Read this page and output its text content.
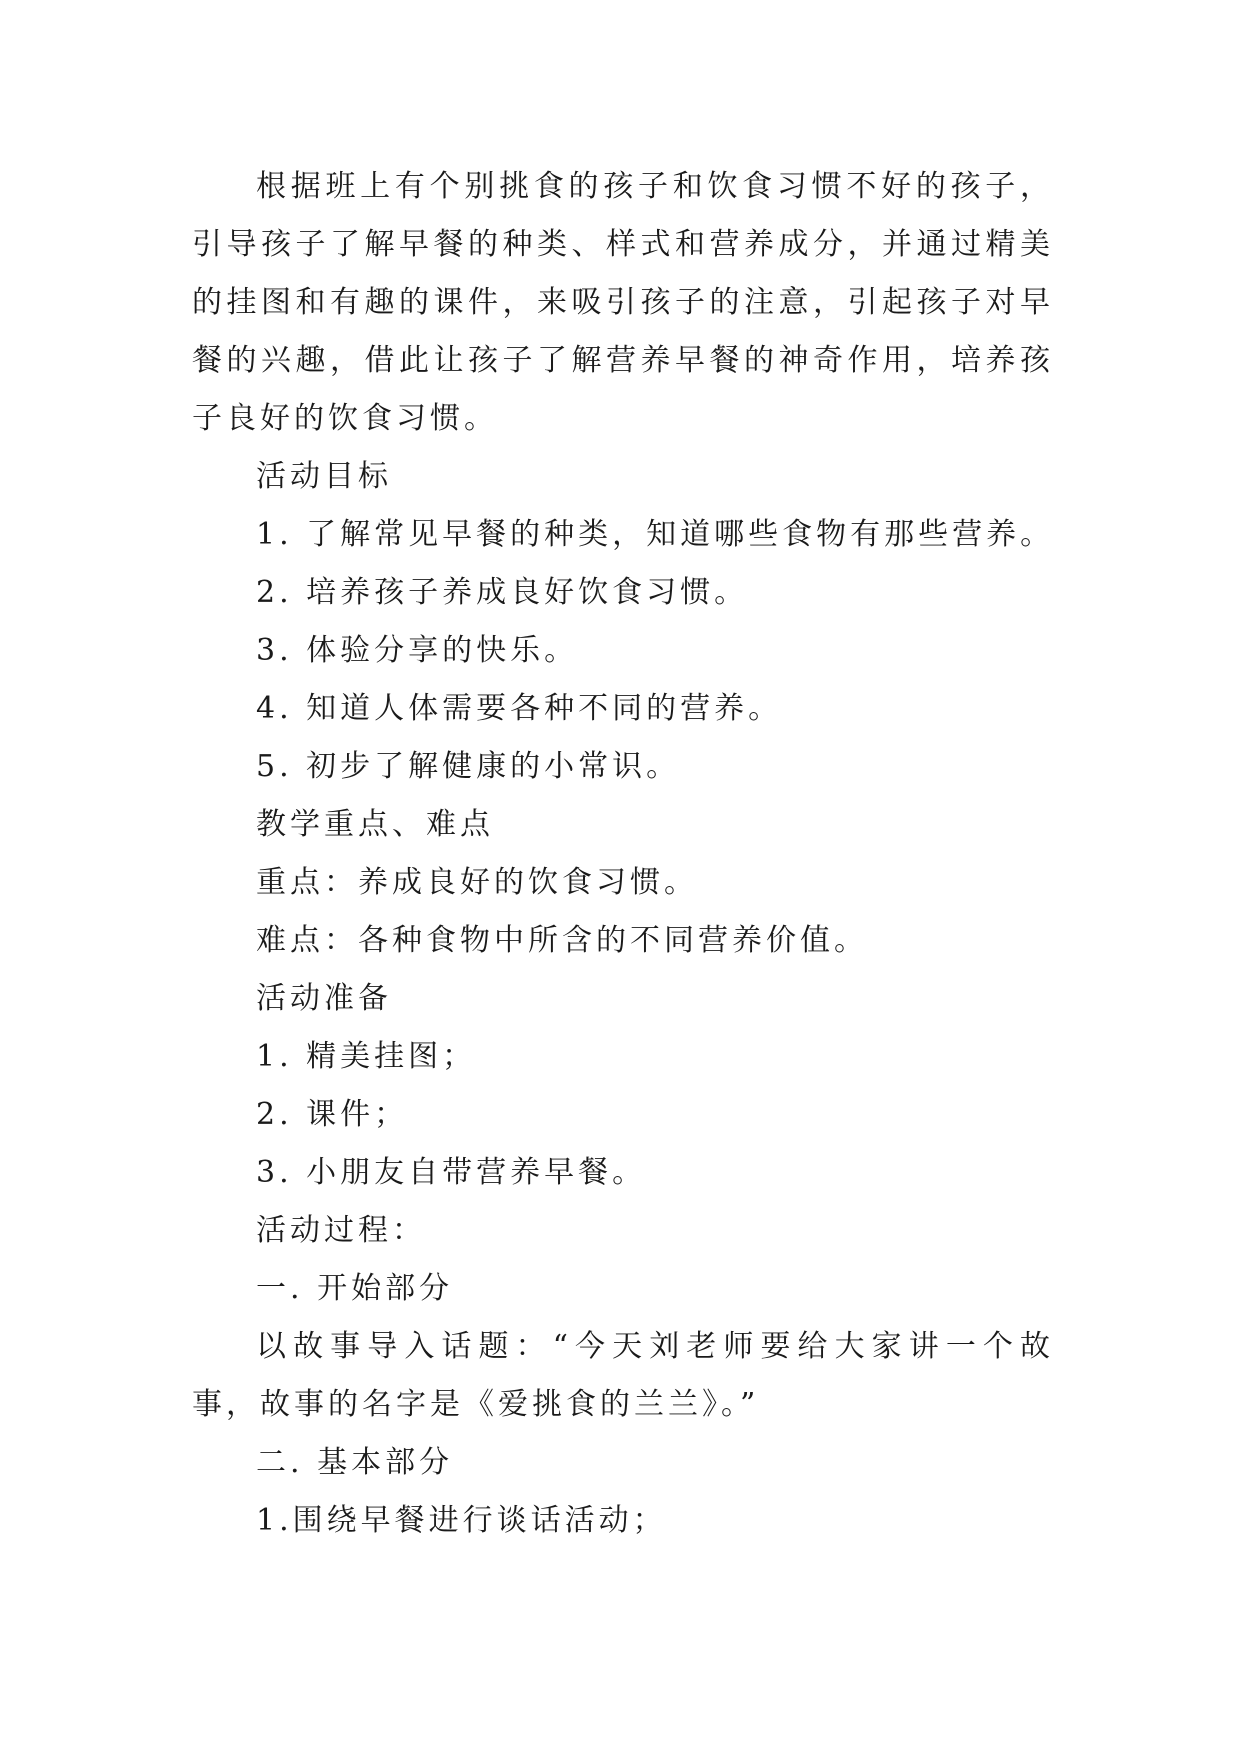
根据班上有个别挑食的孩子和饮食习惯不好的孩子，引导孩子了解早餐的种类、样式和营养成分，并通过精美的挂图和有趣的课件，来吸引孩子的注意，引起孩子对早餐的兴趣，借此让孩子了解营养早餐的神奇作用，培养孩子良好的饮食习惯。

活动目标

1. 了解常见早餐的种类，知道哪些食物有那些营养。

2. 培养孩子养成良好饮食习惯。

3. 体验分享的快乐。

4. 知道人体需要各种不同的营养。

5. 初步了解健康的小常识。

教学重点、难点

重点：养成良好的饮食习惯。

难点：各种食物中所含的不同营养价值。

活动准备

1. 精美挂图；

2. 课件；

3. 小朋友自带营养早餐。

活动过程：

一. 开始部分

以故事导入话题：“今天刘老师要给大家讲一个故事，故事的名字是《爱挑食的兰兰》。”

二. 基本部分

1.围绕早餐进行谈话活动；
